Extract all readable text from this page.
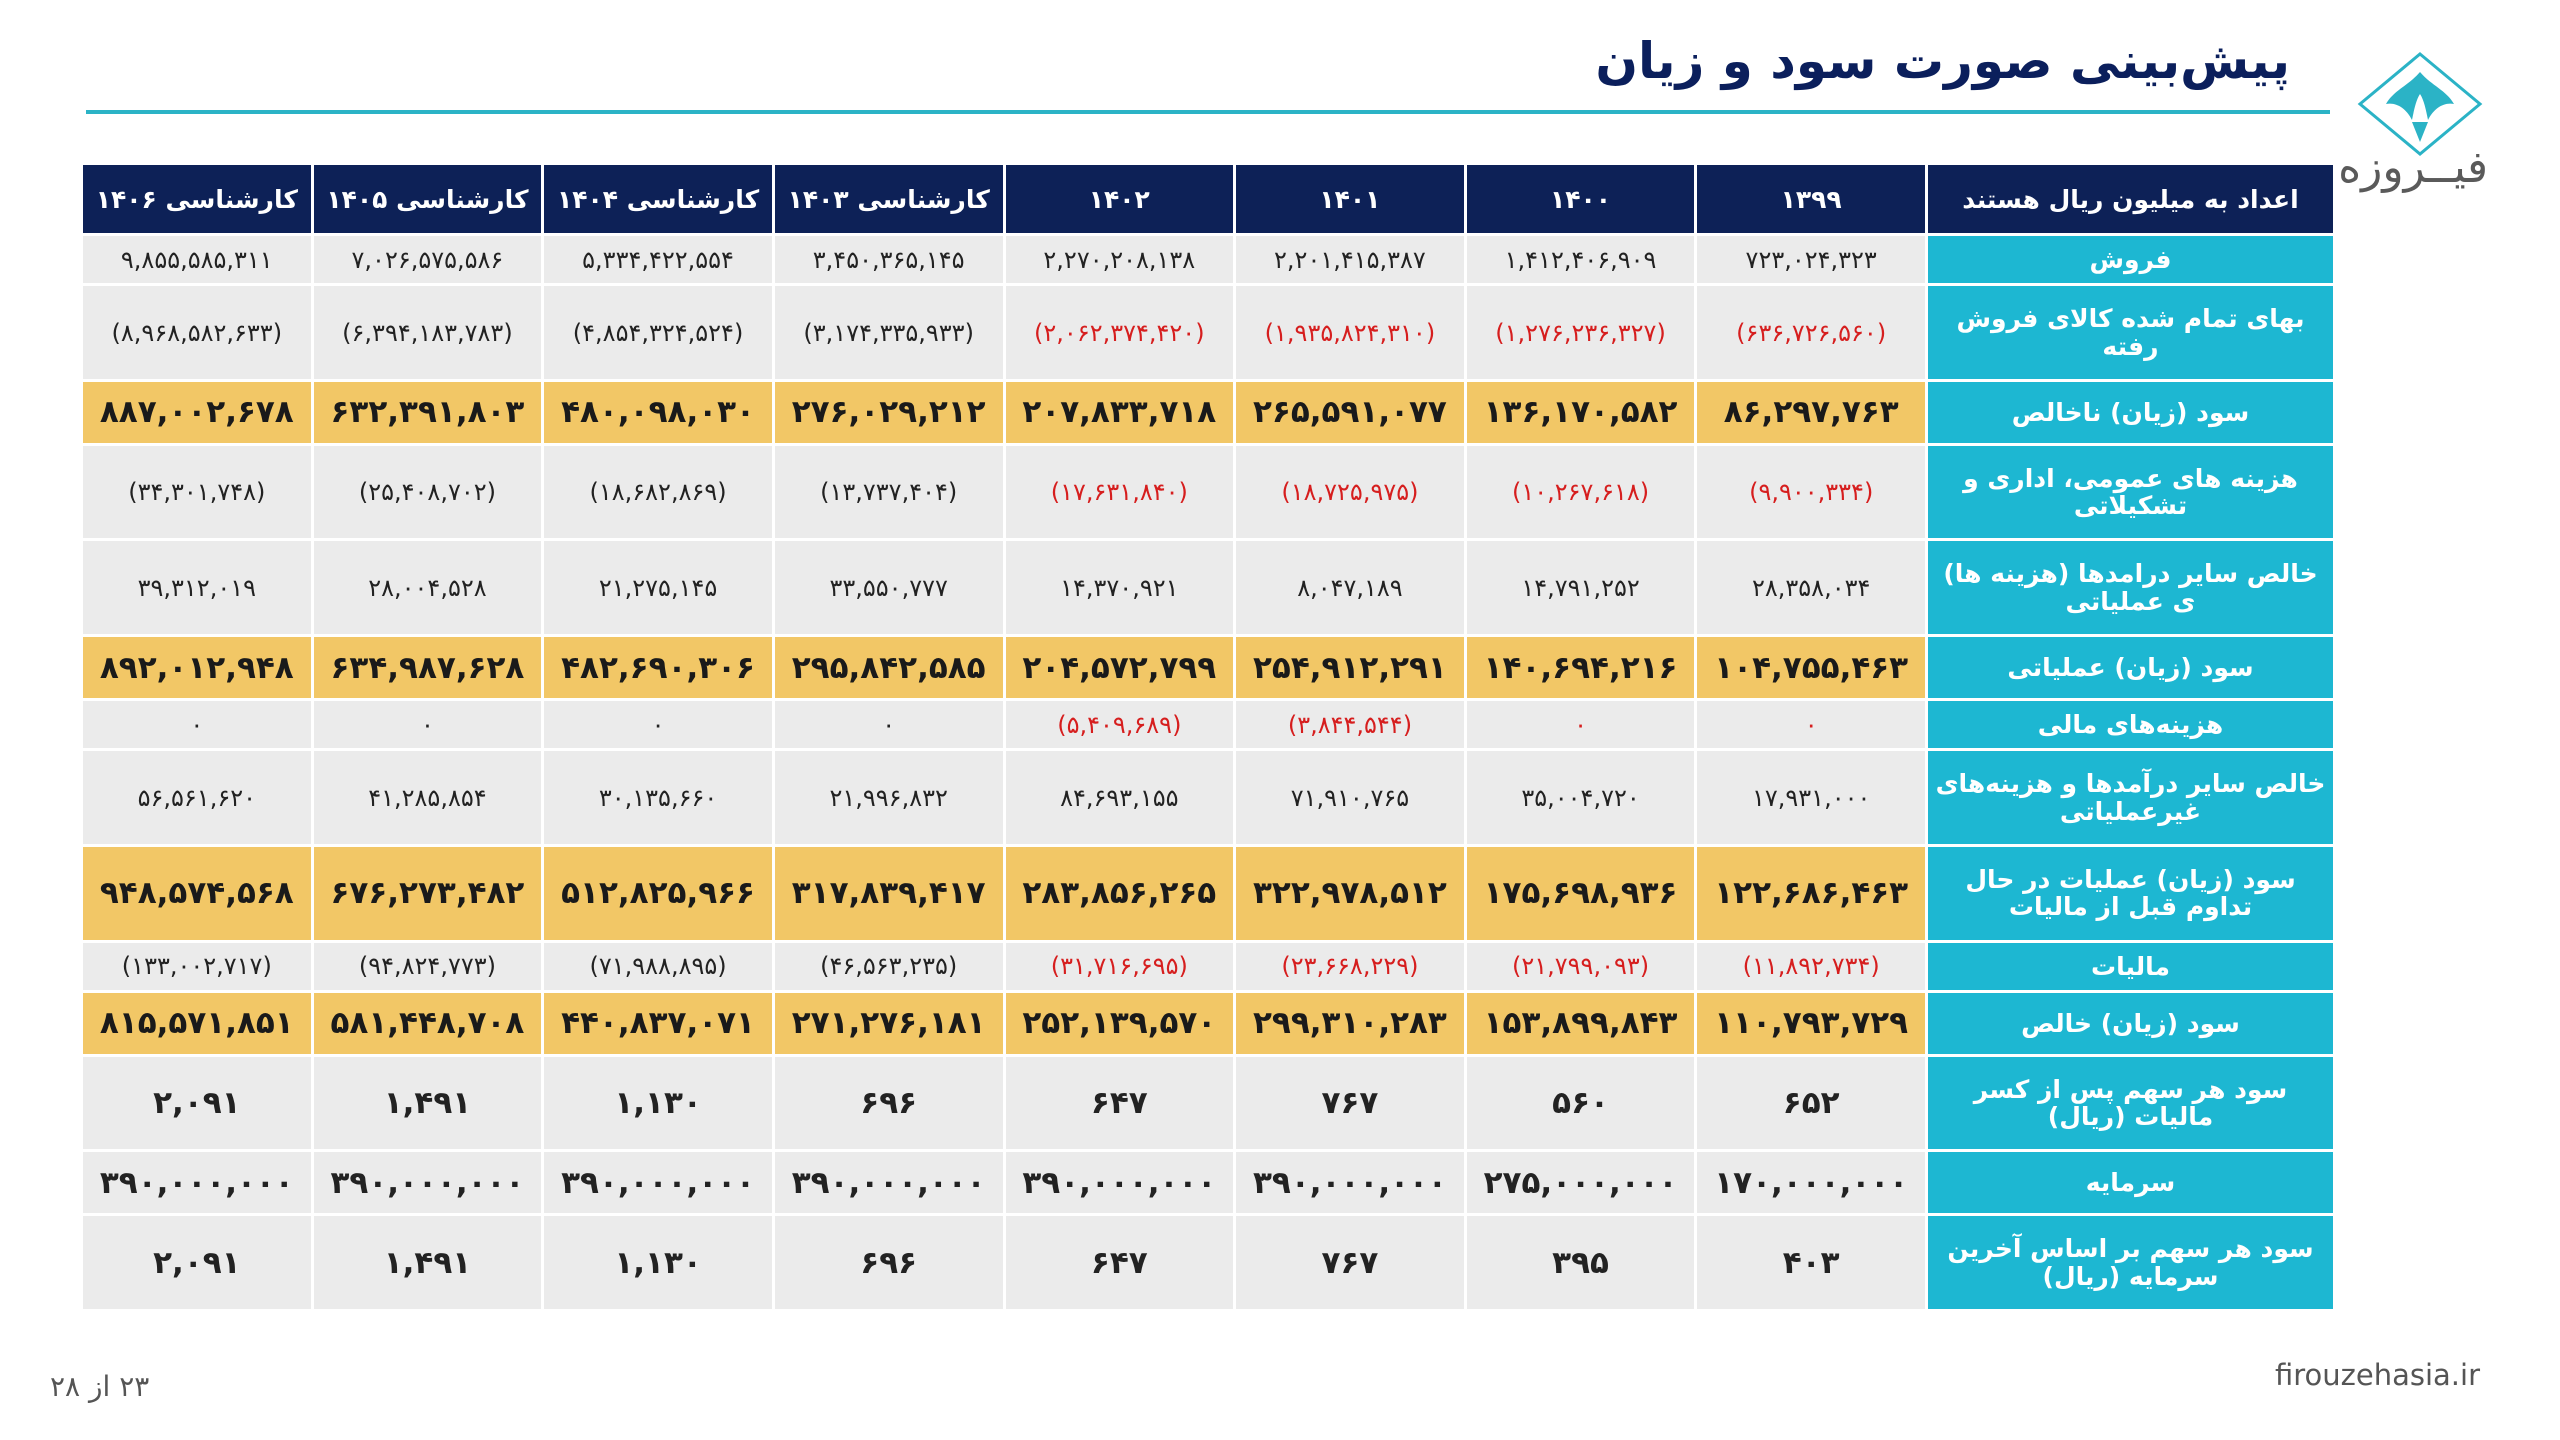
پیش‌بینی صورت سود و زیان
فیــروزه
اعداد به میلیون ریال هستند	۱۳۹۹	۱۴۰۰	۱۴۰۱	۱۴۰۲	کارشناسی ۱۴۰۳	کارشناسی ۱۴۰۴	کارشناسی ۱۴۰۵	کارشناسی ۱۴۰۶
فروش	۷۲۳,۰۲۴,۳۲۳	۱,۴۱۲,۴۰۶,۹۰۹	۲,۲۰۱,۴۱۵,۳۸۷	۲,۲۷۰,۲۰۸,۱۳۸	۳,۴۵۰,۳۶۵,۱۴۵	۵,۳۳۴,۴۲۲,۵۵۴	۷,۰۲۶,۵۷۵,۵۸۶	۹,۸۵۵,۵۸۵,۳۱۱
بهای تمام شده کالای فروش رفته	(۶۳۶,۷۲۶,۵۶۰)	(۱,۲۷۶,۲۳۶,۳۲۷)	(۱,۹۳۵,۸۲۴,۳۱۰)	(۲,۰۶۲,۳۷۴,۴۲۰)	(۳,۱۷۴,۳۳۵,۹۳۳)	(۴,۸۵۴,۳۲۴,۵۲۴)	(۶,۳۹۴,۱۸۳,۷۸۳)	(۸,۹۶۸,۵۸۲,۶۳۳)
سود (زیان) ناخالص	۸۶,۲۹۷,۷۶۳	۱۳۶,۱۷۰,۵۸۲	۲۶۵,۵۹۱,۰۷۷	۲۰۷,۸۳۳,۷۱۸	۲۷۶,۰۲۹,۲۱۲	۴۸۰,۰۹۸,۰۳۰	۶۳۲,۳۹۱,۸۰۳	۸۸۷,۰۰۲,۶۷۸
هزینه های عمومی، اداری و تشکیلاتی	(۹,۹۰۰,۳۳۴)	(۱۰,۲۶۷,۶۱۸)	(۱۸,۷۲۵,۹۷۵)	(۱۷,۶۳۱,۸۴۰)	(۱۳,۷۳۷,۴۰۴)	(۱۸,۶۸۲,۸۶۹)	(۲۵,۴۰۸,۷۰۲)	(۳۴,۳۰۱,۷۴۸)
خالص سایر درامدها (هزینه ها) ی عملیاتی	۲۸,۳۵۸,۰۳۴	۱۴,۷۹۱,۲۵۲	۸,۰۴۷,۱۸۹	۱۴,۳۷۰,۹۲۱	۳۳,۵۵۰,۷۷۷	۲۱,۲۷۵,۱۴۵	۲۸,۰۰۴,۵۲۸	۳۹,۳۱۲,۰۱۹
سود (زیان) عملیاتی	۱۰۴,۷۵۵,۴۶۳	۱۴۰,۶۹۴,۲۱۶	۲۵۴,۹۱۲,۲۹۱	۲۰۴,۵۷۲,۷۹۹	۲۹۵,۸۴۲,۵۸۵	۴۸۲,۶۹۰,۳۰۶	۶۳۴,۹۸۷,۶۲۸	۸۹۲,۰۱۲,۹۴۸
هزینه‌های مالی	۰	۰	(۳,۸۴۴,۵۴۴)	(۵,۴۰۹,۶۸۹)	۰	۰	۰	۰
خالص سایر درآمدها و هزینه‌های غیرعملیاتی	۱۷,۹۳۱,۰۰۰	۳۵,۰۰۴,۷۲۰	۷۱,۹۱۰,۷۶۵	۸۴,۶۹۳,۱۵۵	۲۱,۹۹۶,۸۳۲	۳۰,۱۳۵,۶۶۰	۴۱,۲۸۵,۸۵۴	۵۶,۵۶۱,۶۲۰
سود (زیان) عملیات در حال تداوم قبل از مالیات	۱۲۲,۶۸۶,۴۶۳	۱۷۵,۶۹۸,۹۳۶	۳۲۲,۹۷۸,۵۱۲	۲۸۳,۸۵۶,۲۶۵	۳۱۷,۸۳۹,۴۱۷	۵۱۲,۸۲۵,۹۶۶	۶۷۶,۲۷۳,۴۸۲	۹۴۸,۵۷۴,۵۶۸
مالیات	(۱۱,۸۹۲,۷۳۴)	(۲۱,۷۹۹,۰۹۳)	(۲۳,۶۶۸,۲۲۹)	(۳۱,۷۱۶,۶۹۵)	(۴۶,۵۶۳,۲۳۵)	(۷۱,۹۸۸,۸۹۵)	(۹۴,۸۲۴,۷۷۳)	(۱۳۳,۰۰۲,۷۱۷)
سود (زیان) خالص	۱۱۰,۷۹۳,۷۲۹	۱۵۳,۸۹۹,۸۴۳	۲۹۹,۳۱۰,۲۸۳	۲۵۲,۱۳۹,۵۷۰	۲۷۱,۲۷۶,۱۸۱	۴۴۰,۸۳۷,۰۷۱	۵۸۱,۴۴۸,۷۰۸	۸۱۵,۵۷۱,۸۵۱
سود هر سهم پس از کسر مالیات (ریال)	۶۵۲	۵۶۰	۷۶۷	۶۴۷	۶۹۶	۱,۱۳۰	۱,۴۹۱	۲,۰۹۱
سرمایه	۱۷۰,۰۰۰,۰۰۰	۲۷۵,۰۰۰,۰۰۰	۳۹۰,۰۰۰,۰۰۰	۳۹۰,۰۰۰,۰۰۰	۳۹۰,۰۰۰,۰۰۰	۳۹۰,۰۰۰,۰۰۰	۳۹۰,۰۰۰,۰۰۰	۳۹۰,۰۰۰,۰۰۰
سود هر سهم بر اساس آخرین سرمایه (ریال)	۴۰۳	۳۹۵	۷۶۷	۶۴۷	۶۹۶	۱,۱۳۰	۱,۴۹۱	۲,۰۹۱
۲۳ از ۲۸	firouzehasia.ir
